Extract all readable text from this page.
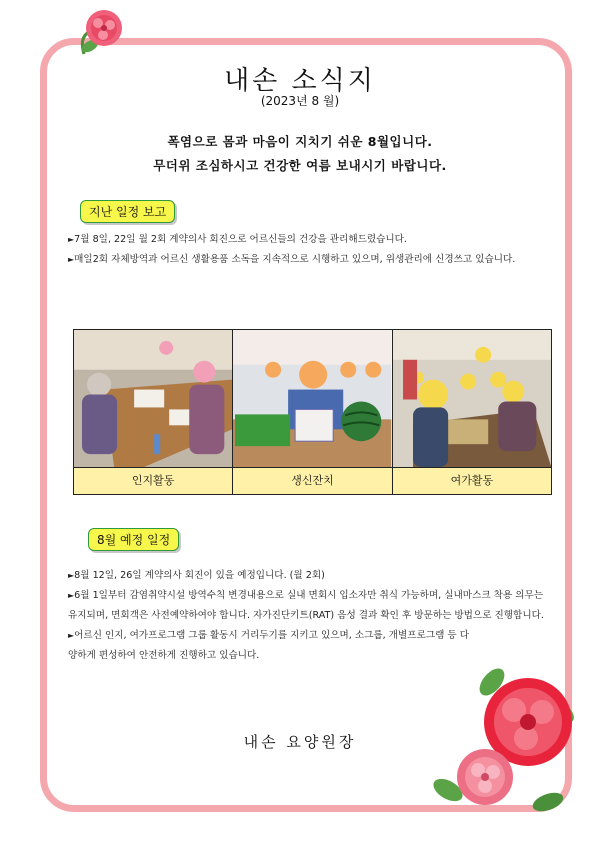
내손 소식지
(2023년 8 월)
폭염으로 몸과 마음이 지치기 쉬운 8월입니다.
무더위 조심하시고 건강한 여름 보내시기 바랍니다.
지난 일정 보고
►7월 8일, 22일 월 2회 계약의사 회진으로 어르신들의 건강을 관리해드렸습니다.
►매일2회 자체방역과 어르신 생활용품 소독을 지속적으로 시행하고 있으며, 위생관리에 신경쓰고 있습니다.
인지활동	생신잔치	여가활동
8월 예정 일정
►8월 12일, 26일 계약의사 회진이 있을 예정입니다. (월 2회)
►6월 1일부터 감염취약시설 방역수칙 변경내용으로 실내 면회시 입소자만 취식 가능하며, 실내마스크 착용 의무는 유지되며, 면회객은 사전예약하여야 합니다. 자가진단키트(RAT) 음성 결과 확인 후 방문하는 방법으로 진행합니다.
►어르신 인지, 여가프로그램 그룹 활동시 거리두기를 지키고 있으며, 소그룹, 개별프로그램 등 다양하게 편성하여 안전하게 진행하고 있습니다.
내손 요양원장
